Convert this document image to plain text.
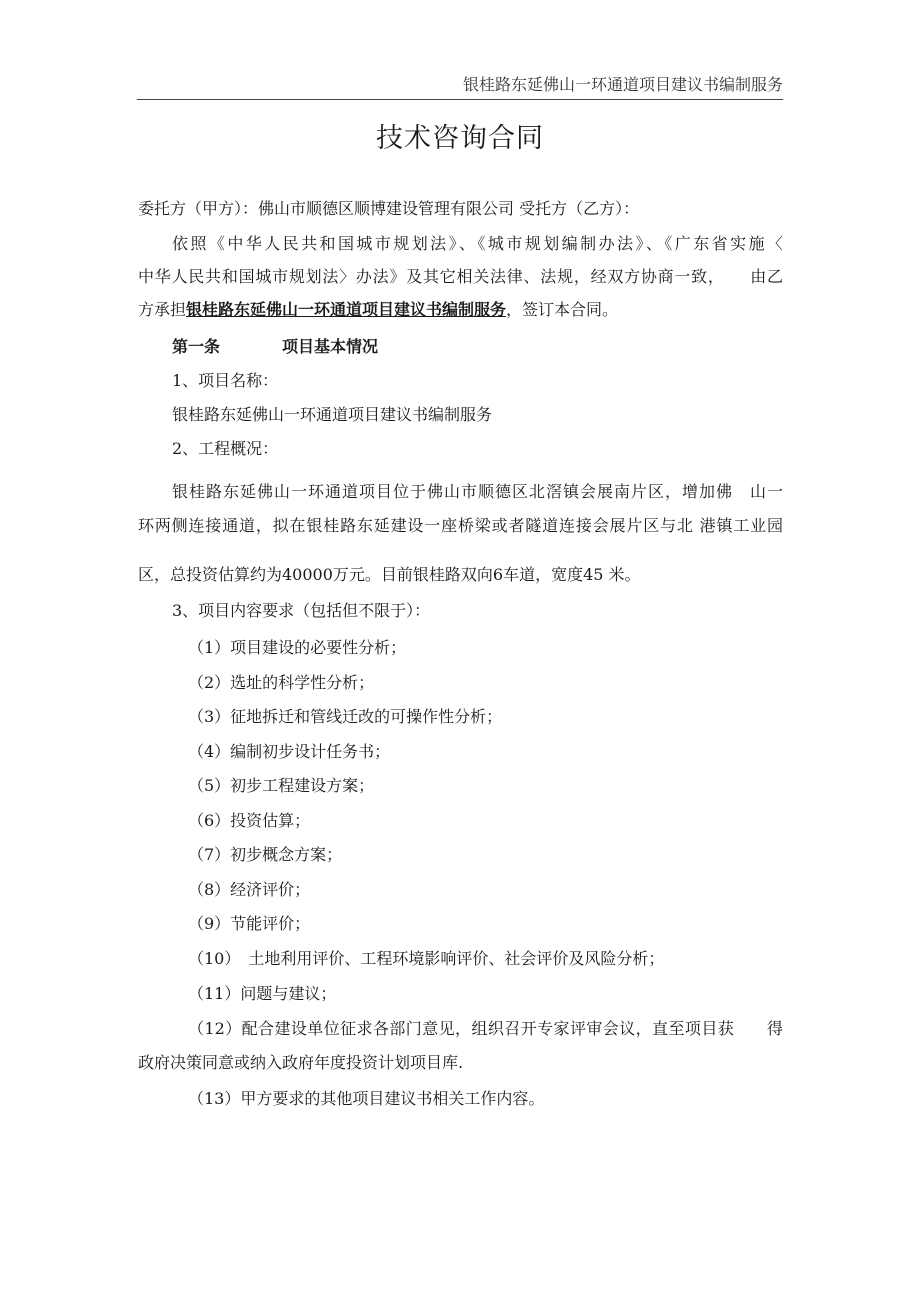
银桂路东延佛山一环通道项目建议书编制服务
技术咨询合同
委托方（甲方）：佛山市顺德区顺博建设管理有限公司 受托方（乙方）：
依照《中华人民共和国城市规划法》、《城市规划编制办法》、《广东省实施〈
中华人民共和国城市规划法〉办法》及其它相关法律、法规，经双方协商一致，　　由乙
方承担银桂路东延佛山一环通道项目建议书编制服务，签订本合同。
第一条	项目基本情况
1、项目名称：
银桂路东延佛山一环通道项目建议书编制服务
2、工程概况：
银桂路东延佛山一环通道项目位于佛山市顺德区北滘镇会展南片区，增加佛　山一
环两侧连接通道，拟在银桂路东延建设一座桥梁或者隧道连接会展片区与北 港镇工业园
区，总投资估算约为40000万元。目前银桂路双向6车道，宽度45 米。
3、项目内容要求（包括但不限于）：
（1）项目建设的必要性分析；
（2）选址的科学性分析；
（3）征地拆迁和管线迁改的可操作性分析；
（4）编制初步设计任务书；
（5）初步工程建设方案；
（6）投资估算；
（7）初步概念方案；
（8）经济评价；
（9）节能评价；
（10）　土地利用评价、工程环境影响评价、社会评价及风险分析；
（11）问题与建议；
（12）配合建设单位征求各部门意见，组织召开专家评审会议，直至项目获　　得
政府决策同意或纳入政府年度投资计划项目库.
（13）甲方要求的其他项目建议书相关工作内容。
